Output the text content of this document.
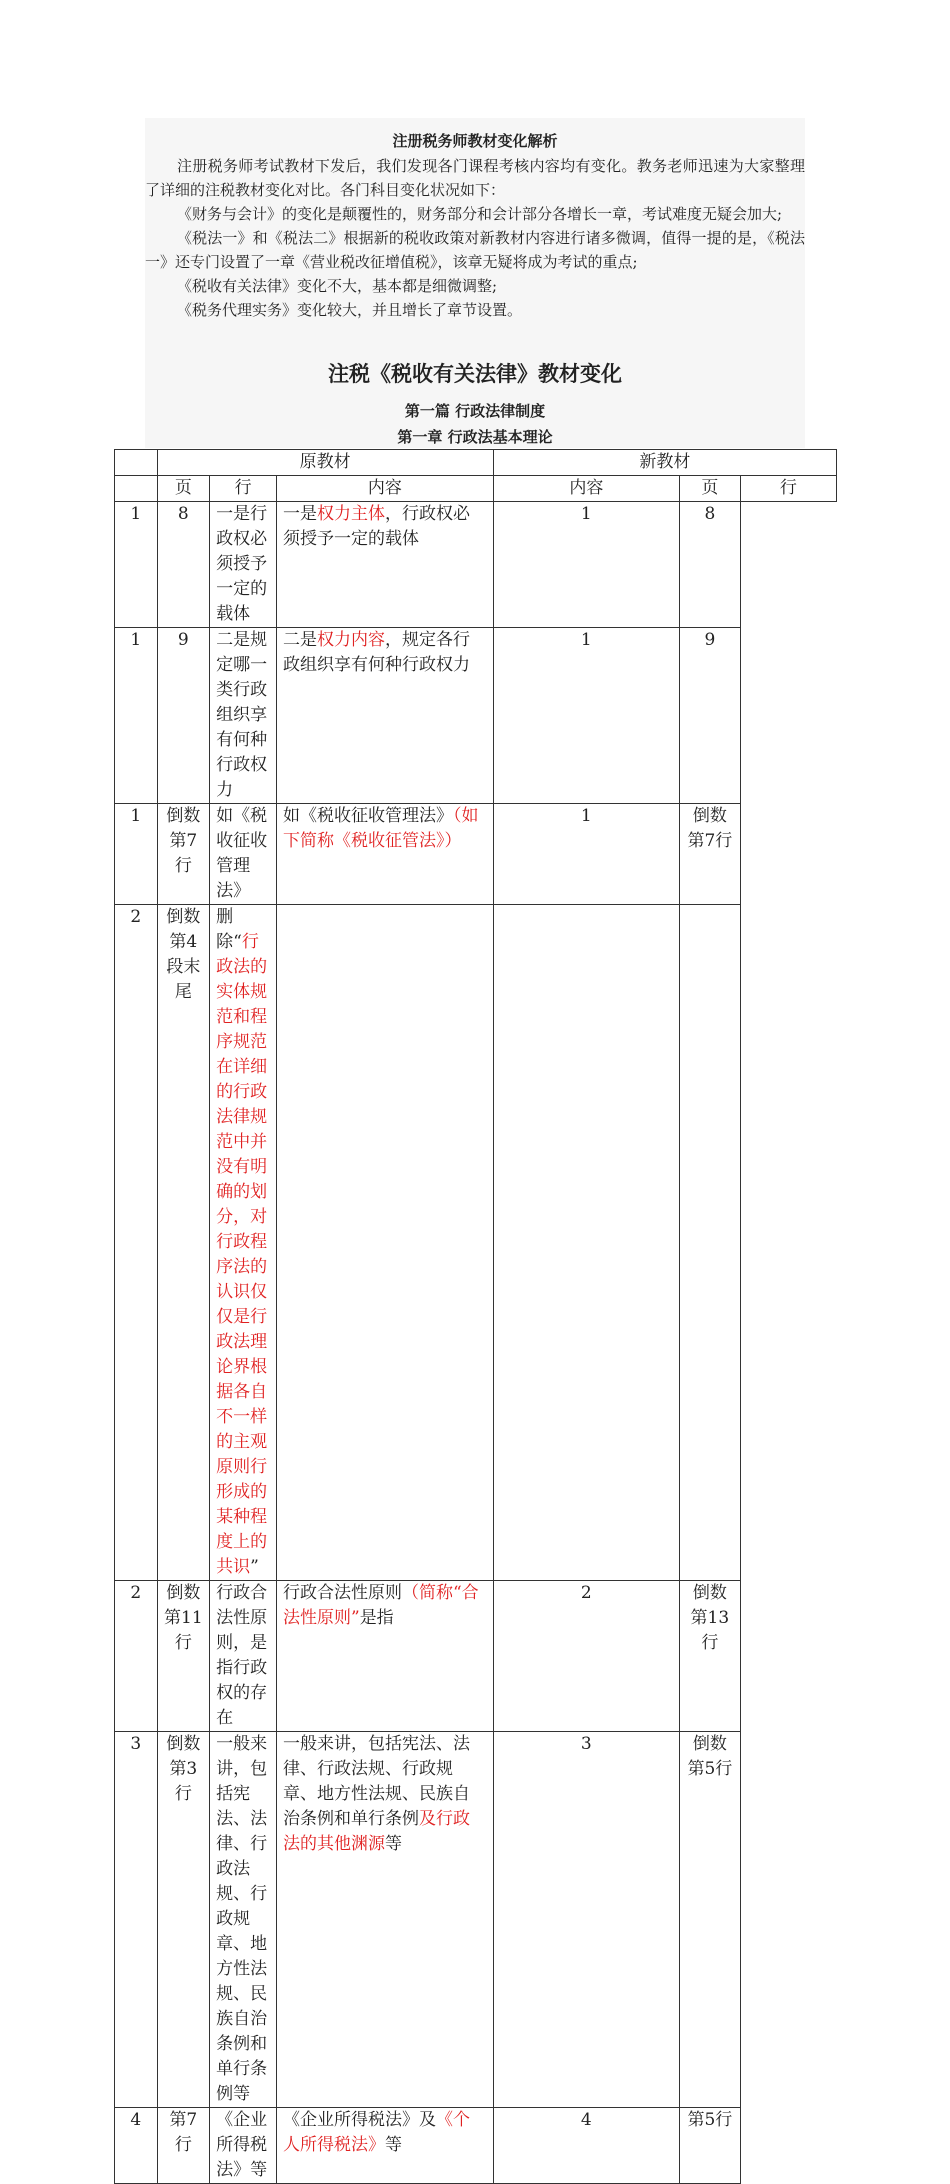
注册税务师教材变化解析

注册税务师考试教材下发后，我们发现各门课程考核内容均有变化。教务老师迅速为大家整理了详细的注税教材变化对比。各门科目变化状况如下：

《财务与会计》的变化是颠覆性的，财务部分和会计部分各增长一章，考试难度无疑会加大;

《税法一》和《税法二》根据新的税收政策对新教材内容进行诸多微调，值得一提的是，《税法一》还专门设置了一章《营业税改征增值税》，该章无疑将成为考试的重点;

《税收有关法律》变化不大，基本都是细微调整;

《税务代理实务》变化较大，并且增长了章节设置。

注税《税收有关法律》教材变化
第一篇 行政法律制度
第一章 行政法基本理论
	原教材			新教材		
	页	行	内容	内容	页	行
1	8	一是行政权必须授予一定的载体	一是权力主体，行政权必须授予一定的载体	1	8	
1	9	二是规定哪一类行政组织享有何种行政权力	二是权力内容，规定各行政组织享有何种行政权力	1	9	
1	倒数第7行	如《税收征收管理法》	如《税收征收管理法》（如下简称《税收征管法》）	1	倒数第7行	
2	倒数第4段末尾	删除“行政法的实体规范和程序规范在详细的行政法律规范中并没有明确的划分，对行政程序法的认识仅仅是行政法理论界根据各自不一样的主观原则行形成的某种程度上的共识”				
2	倒数第11行	行政合法性原则，是指行政权的存在	行政合法性原则（简称“合法性原则”是指	2	倒数第13行	
3	倒数第3行	一般来讲，包括宪法、法律、行政法规、行政规章、地方性法规、民族自治条例和单行条例等	一般来讲，包括宪法、法律、行政法规、行政规章、地方性法规、民族自治条例和单行条例及行政法的其他渊源等	3	倒数第5行	
4	第7行	《企业所得税法》等	《企业所得税法》及《个人所得税法》等	4	第5行	
